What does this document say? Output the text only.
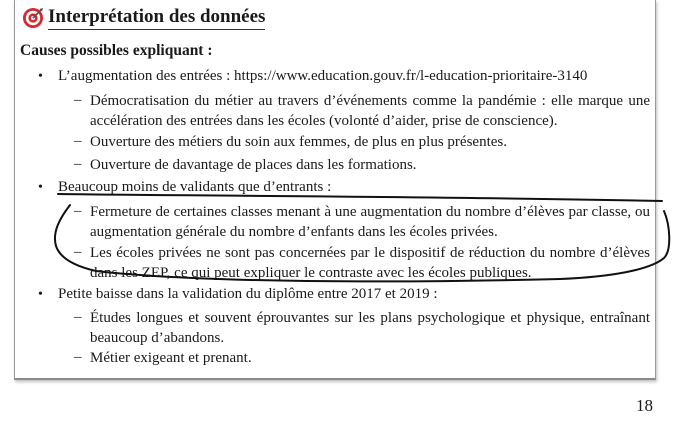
Interprétation des données
Causes possibles expliquant :
• L’augmentation des entrées : https://www.education.gouv.fr/l-education-prioritaire-3140
– Démocratisation du métier au travers d’événements comme la pandémie : elle marque une accélération des entrées dans les écoles (volonté d’aider, prise de conscience).
– Ouverture des métiers du soin aux femmes, de plus en plus présentes.
– Ouverture de davantage de places dans les formations.
• Beaucoup moins de validants que d’entrants :
– Fermeture de certaines classes menant à une augmentation du nombre d’élèves par classe, ou augmentation générale du nombre d’enfants dans les écoles privées.
– Les écoles privées ne sont pas concernées par le dispositif de réduction du nombre d’élèves dans les ZEP, ce qui peut expliquer le contraste avec les écoles publiques.
• Petite baisse dans la validation du diplôme entre 2017 et 2019 :
– Études longues et souvent éprouvantes sur les plans psychologique et physique, entraînant beaucoup d’abandons.
– Métier exigeant et prenant.
18
